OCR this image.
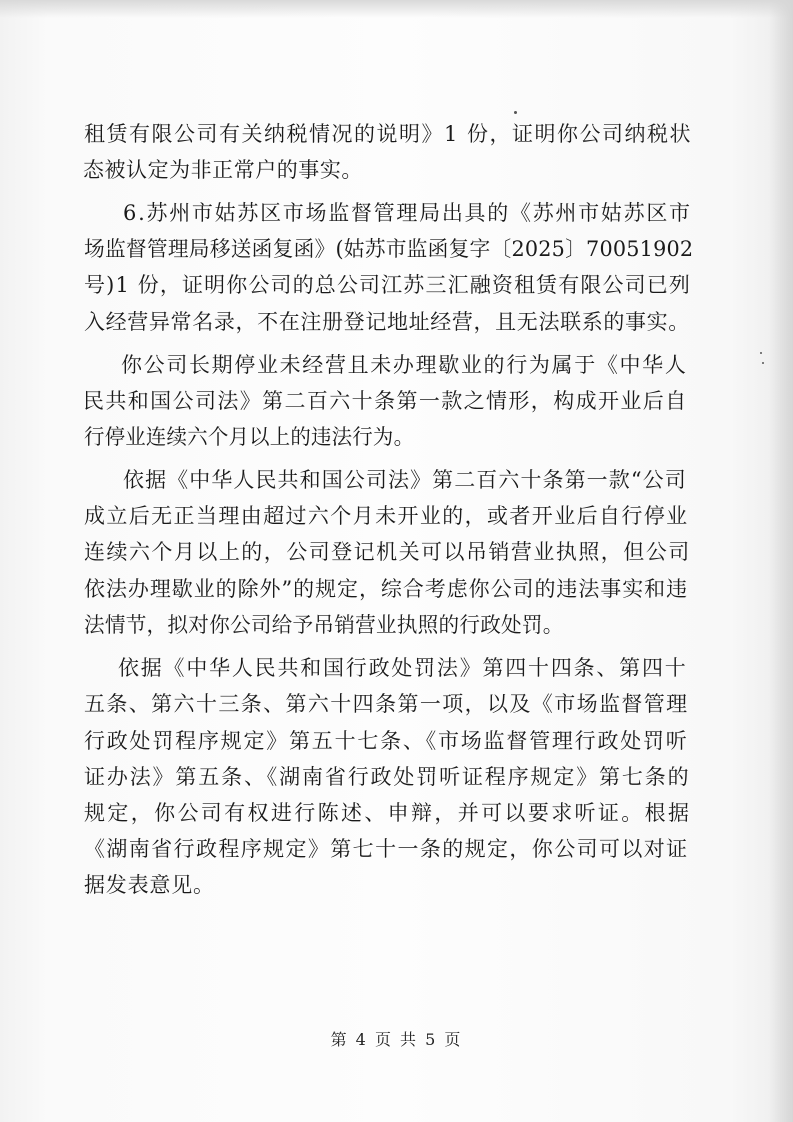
租赁有限公司有关纳税情况的说明》1 份，证明你公司纳税状
态被认定为非正常户的事实。
6.苏州市姑苏区市场监督管理局出具的《苏州市姑苏区市
场监督管理局移送函复函》(姑苏市监函复字〔2025〕70051902
号)1 份，证明你公司的总公司江苏三汇融资租赁有限公司已列
入经营异常名录，不在注册登记地址经营，且无法联系的事实。
你公司长期停业未经营且未办理歇业的行为属于《中华人
民共和国公司法》第二百六十条第一款之情形，构成开业后自
行停业连续六个月以上的违法行为。
依据《中华人民共和国公司法》第二百六十条第一款“公司
成立后无正当理由超过六个月未开业的，或者开业后自行停业
连续六个月以上的，公司登记机关可以吊销营业执照，但公司
依法办理歇业的除外”的规定，综合考虑你公司的违法事实和违
法情节，拟对你公司给予吊销营业执照的行政处罚。
依据《中华人民共和国行政处罚法》第四十四条、第四十
五条、第六十三条、第六十四条第一项，以及《市场监督管理
行政处罚程序规定》第五十七条、《市场监督管理行政处罚听
证办法》第五条、《湖南省行政处罚听证程序规定》第七条的
规定，你公司有权进行陈述、申辩，并可以要求听证。根据
《湖南省行政程序规定》第七十一条的规定，你公司可以对证
据发表意见。
第 4 页 共 5 页
